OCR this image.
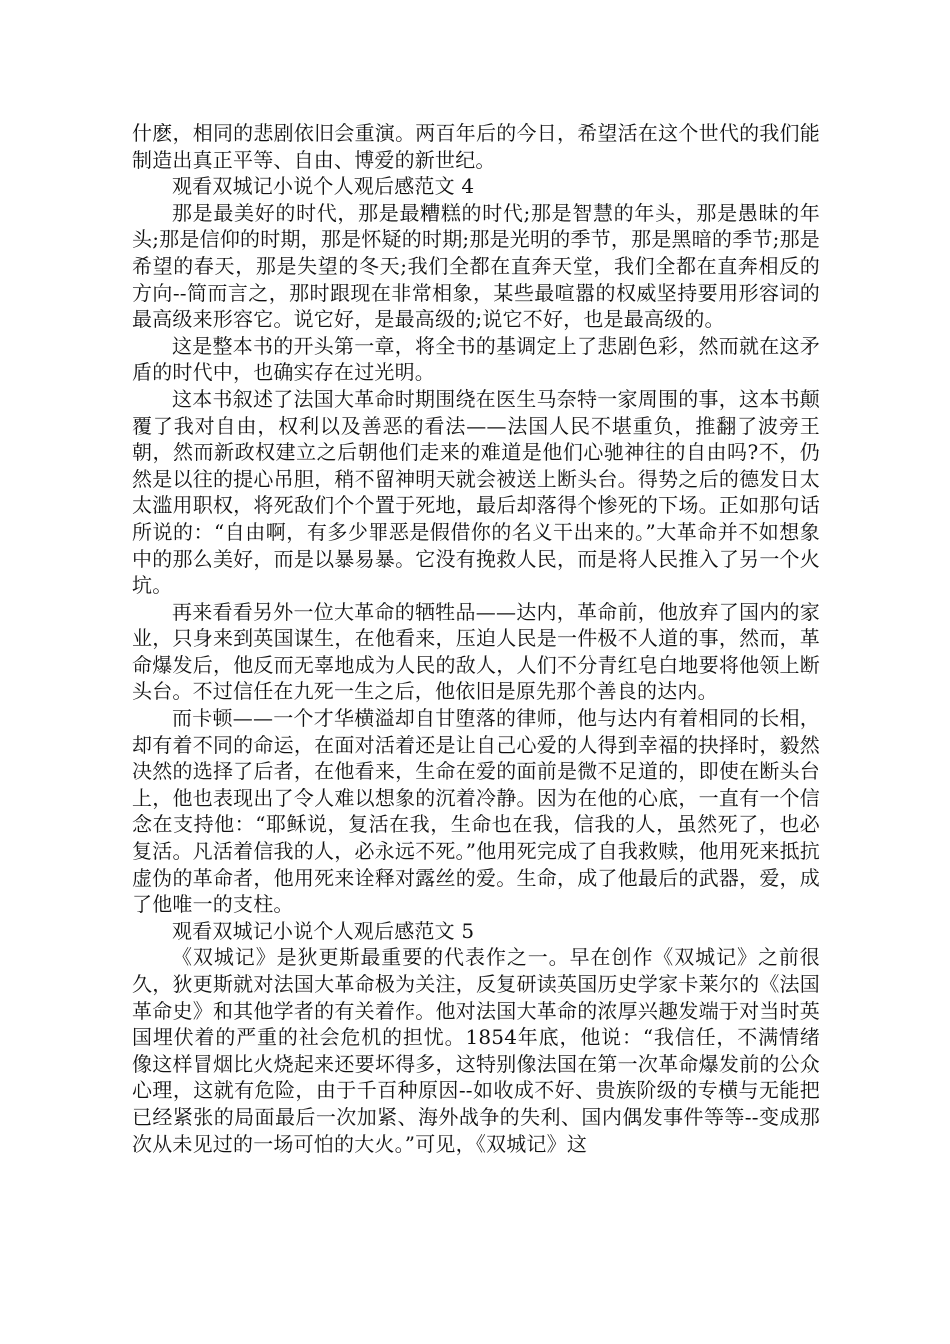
什麽，相同的悲剧依旧会重演。两百年后的今日，希望活在这个世代的我们能制造出真正平等、自由、博爱的新世纪。

观看双城记小说个人观后感范文 4

那是最美好的时代，那是最糟糕的时代;那是智慧的年头，那是愚昧的年头;那是信仰的时期，那是怀疑的时期;那是光明的季节，那是黑暗的季节;那是希望的春天，那是失望的冬天;我们全都在直奔天堂，我们全都在直奔相反的方向--简而言之，那时跟现在非常相象，某些最喧嚣的权威坚持要用形容词的最高级来形容它。说它好，是最高级的;说它不好，也是最高级的。

这是整本书的开头第一章，将全书的基调定上了悲剧色彩，然而就在这矛盾的时代中，也确实存在过光明。

这本书叙述了法国大革命时期围绕在医生马奈特一家周围的事，这本书颠覆了我对自由，权利以及善恶的看法——法国人民不堪重负，推翻了波旁王朝，然而新政权建立之后朝他们走来的难道是他们心驰神往的自由吗?不，仍然是以往的提心吊胆，稍不留神明天就会被送上断头台。得势之后的德发日太太滥用职权，将死敌们个个置于死地，最后却落得个惨死的下场。正如那句话所说的：“自由啊，有多少罪恶是假借你的名义干出来的。”大革命并不如想象中的那么美好，而是以暴易暴。它没有挽救人民，而是将人民推入了另一个火坑。

再来看看另外一位大革命的牺牲品——达内，革命前，他放弃了国内的家业，只身来到英国谋生，在他看来，压迫人民是一件极不人道的事，然而，革命爆发后，他反而无辜地成为人民的敌人，人们不分青红皂白地要将他领上断头台。不过信任在九死一生之后，他依旧是原先那个善良的达内。

而卡顿——一个才华横溢却自甘堕落的律师，他与达内有着相同的长相，却有着不同的命运，在面对活着还是让自己心爱的人得到幸福的抉择时，毅然决然的选择了后者，在他看来，生命在爱的面前是微不足道的，即使在断头台上，他也表现出了令人难以想象的沉着冷静。因为在他的心底，一直有一个信念在支持他：“耶稣说，复活在我，生命也在我，信我的人，虽然死了，也必复活。凡活着信我的人，必永远不死。”他用死完成了自我救赎，他用死来抵抗虚伪的革命者，他用死来诠释对露丝的爱。生命，成了他最后的武器，爱，成了他唯一的支柱。

观看双城记小说个人观后感范文 5

《双城记》是狄更斯最重要的代表作之一。早在创作《双城记》之前很久，狄更斯就对法国大革命极为关注，反复研读英国历史学家卡莱尔的《法国革命史》和其他学者的有关着作。他对法国大革命的浓厚兴趣发端于对当时英国埋伏着的严重的社会危机的担忧。1854年底，他说：“我信任，不满情绪像这样冒烟比火烧起来还要坏得多，这特别像法国在第一次革命爆发前的公众心理，这就有危险，由于千百种原因--如收成不好、贵族阶级的专横与无能把已经紧张的局面最后一次加紧、海外战争的失利、国内偶发事件等等--变成那次从未见过的一场可怕的大火。”可见，《双城记》这
